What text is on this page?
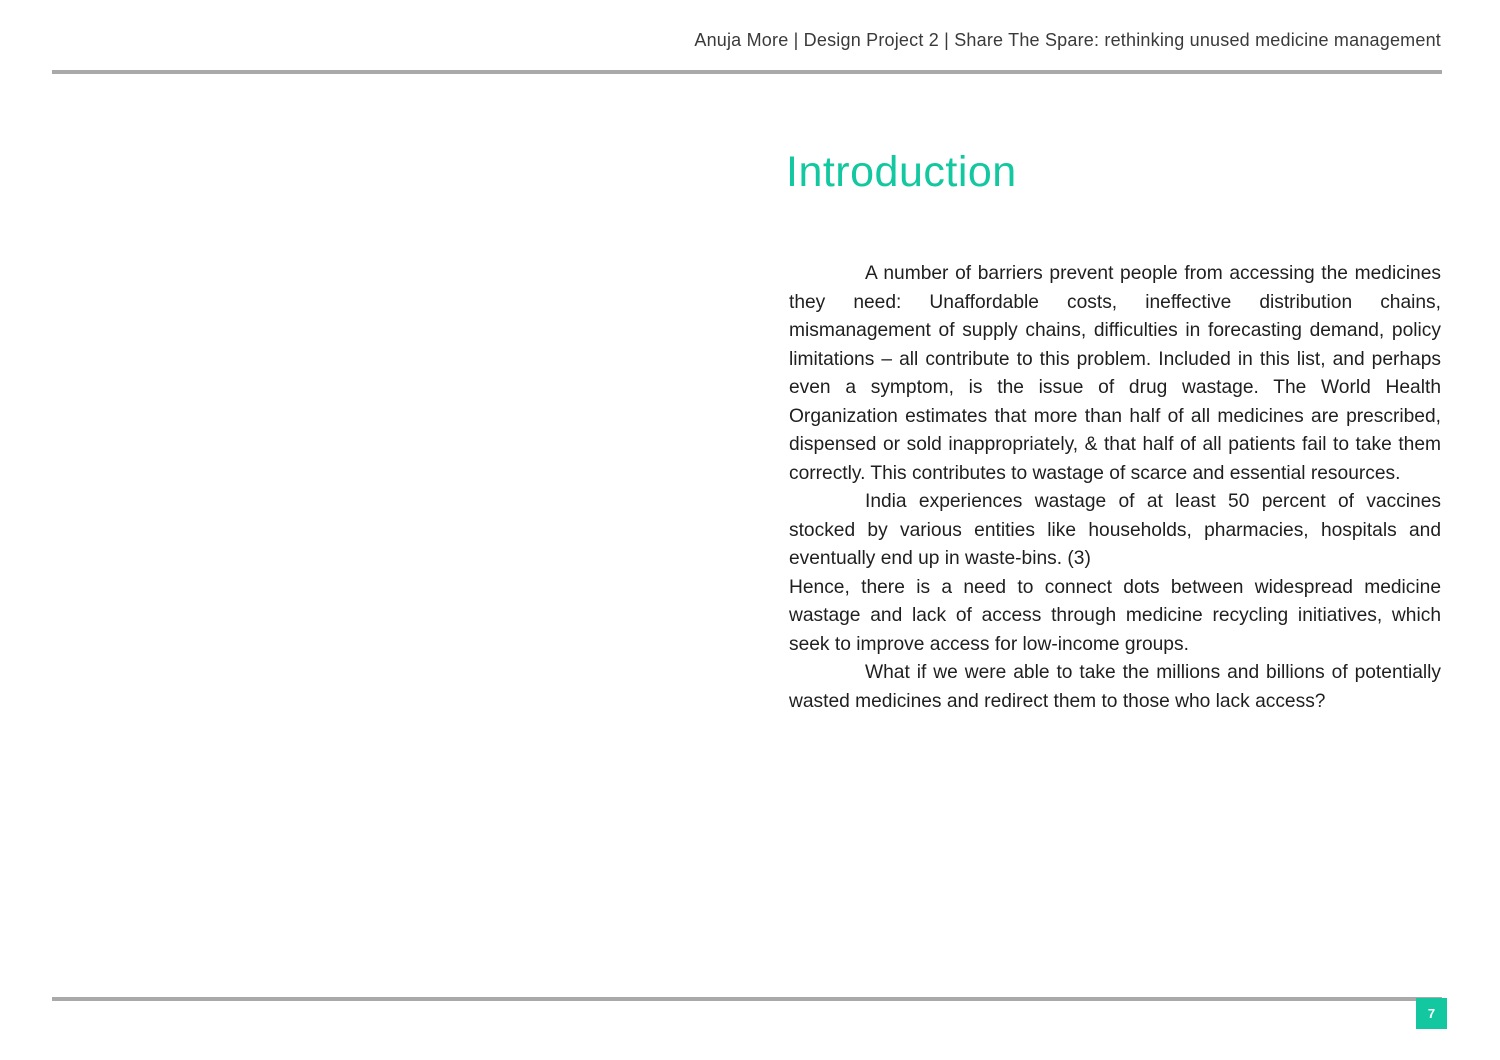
Anuja More | Design Project 2 | Share The Spare: rethinking unused medicine management
Introduction

A number of barriers prevent people from accessing the medicines they need: Unaffordable costs, ineffective distribution chains, mismanagement of supply chains, difficulties in forecasting demand, policy limitations – all contribute to this problem. Included in this list, and perhaps even a symptom, is the issue of drug wastage. The World Health Organization estimates that more than half of all medicines are prescribed, dispensed or sold inappropriately, & that half of all patients fail to take them correctly. This contributes to wastage of scarce and essential resources.

India experiences wastage of at least 50 percent of vaccines stocked by various entities like households, pharmacies, hospitals and eventually end up in waste-bins. (3)

Hence, there is a need to connect dots between widespread medicine wastage and lack of access through medicine recycling initiatives, which seek to improve access for low-income groups.

What if we were able to take the millions and billions of potentially wasted medicines and redirect them to those who lack access?

7
